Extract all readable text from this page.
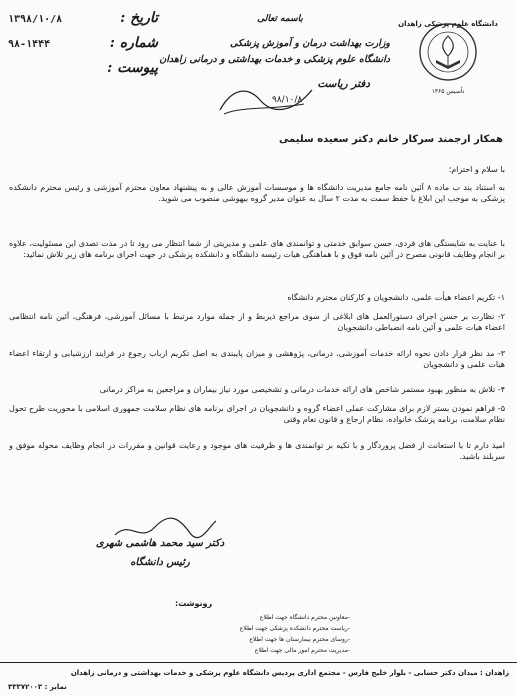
دانشگاه علوم پزشکی زاهدان
تأسیس ۱۳۶۵
باسمه تعالی
وزارت بهداشت درمان و آموزش پزشکی
دانشگاه علوم پزشکی و خدمات بهداشتی و درمانی زاهدان
دفتر ریاست
تاریخ :
۱۳۹۸/۱۰/۸
شماره :
۹۸-۱۴۴۴
پیوست :
۹۸/۱۰/۸
همکار ارجمند سرکار خانم دکتر سعیده سلیمی
با سلام و احترام؛
به استناد بند ب ماده ۸ آئین نامه جامع مدیریت دانشگاه ها و موسسات آموزش عالی و به پیشنهاد معاون محترم آموزشی و رئیس محترم دانشکده پزشکی به موجب این ابلاغ با حفظ سمت به مدت ۲ سال به عنوان مدیر گروه بیهوشی منصوب می شوید.
با عنایت به شایستگی های فردی، حسن سوابق خدمتی و توانمندی های علمی و مدیریتی از شما انتظار می رود تا در مدت تصدی این مسئولیت، علاوه بر انجام وظایف قانونی مصرح در آئین نامه فوق و با هماهنگی هیات رئیسه دانشگاه و دانشکده پزشکی در جهت اجرای برنامه های زیر تلاش نمائید:
۱- تکریم اعضاء هیأت علمی، دانشجویان و کارکنان محترم دانشگاه
۲- نظارت بر حسن اجرای دستورالعمل های ابلاغی از سوی مراجع ذیربط و از جمله موارد مرتبط با مسائل آموزشی، فرهنگی، آئین نامه انتظامی اعضاء هیات علمی و آئین نامه انضباطی دانشجویان
۳- مد نظر قرار دادن نحوه ارائه خدمات آموزشی، درمانی، پژوهشی و میزان پایبندی به اصل تکریم ارباب رجوع در فرایند ارزشیابی و ارتقاء اعضاء هیات علمی و دانشجویان
۴- تلاش به منظور بهبود مستمر شاخص های ارائه خدمات درمانی و تشخیصی مورد نیاز بیماران و مراجعین به مراکز درمانی
۵- فراهم نمودن بستر لازم برای مشارکت عملی اعضاء گروه و دانشجویان در اجرای برنامه های نظام سلامت جمهوری اسلامی با محوریت طرح تحول نظام سلامت، برنامه پزشک خانواده، نظام ارجاع و قانون تعام وقتی
امید دارم تا با استعانت از فضل پروردگار و با تکیه بر توانمندی ها و ظرفیت های موجود و رعایت قوانین و مقررات در انجام وظایف محوله موفق و سربلند باشید.
دکتر سید محمد هاشمی شهری
رئیس دانشگاه
رونوشت:
-معاونین محترم دانشگاه جهت اطلاع
-ریاست محترم دانشکده پزشکی جهت اطلاع
-روسای محترم بیمارستان ها جهت اطلاع
-مدیریت محترم امور مالی جهت اطلاع
زاهدان : میدان دکتر حسابی - بلوار خلیج فارس - مجتمع اداری پردیس دانشگاه علوم پزشکی و خدمات بهداشتی و درمانی زاهدان
نمابر : ۳۳۳۷۲۰۰۳
